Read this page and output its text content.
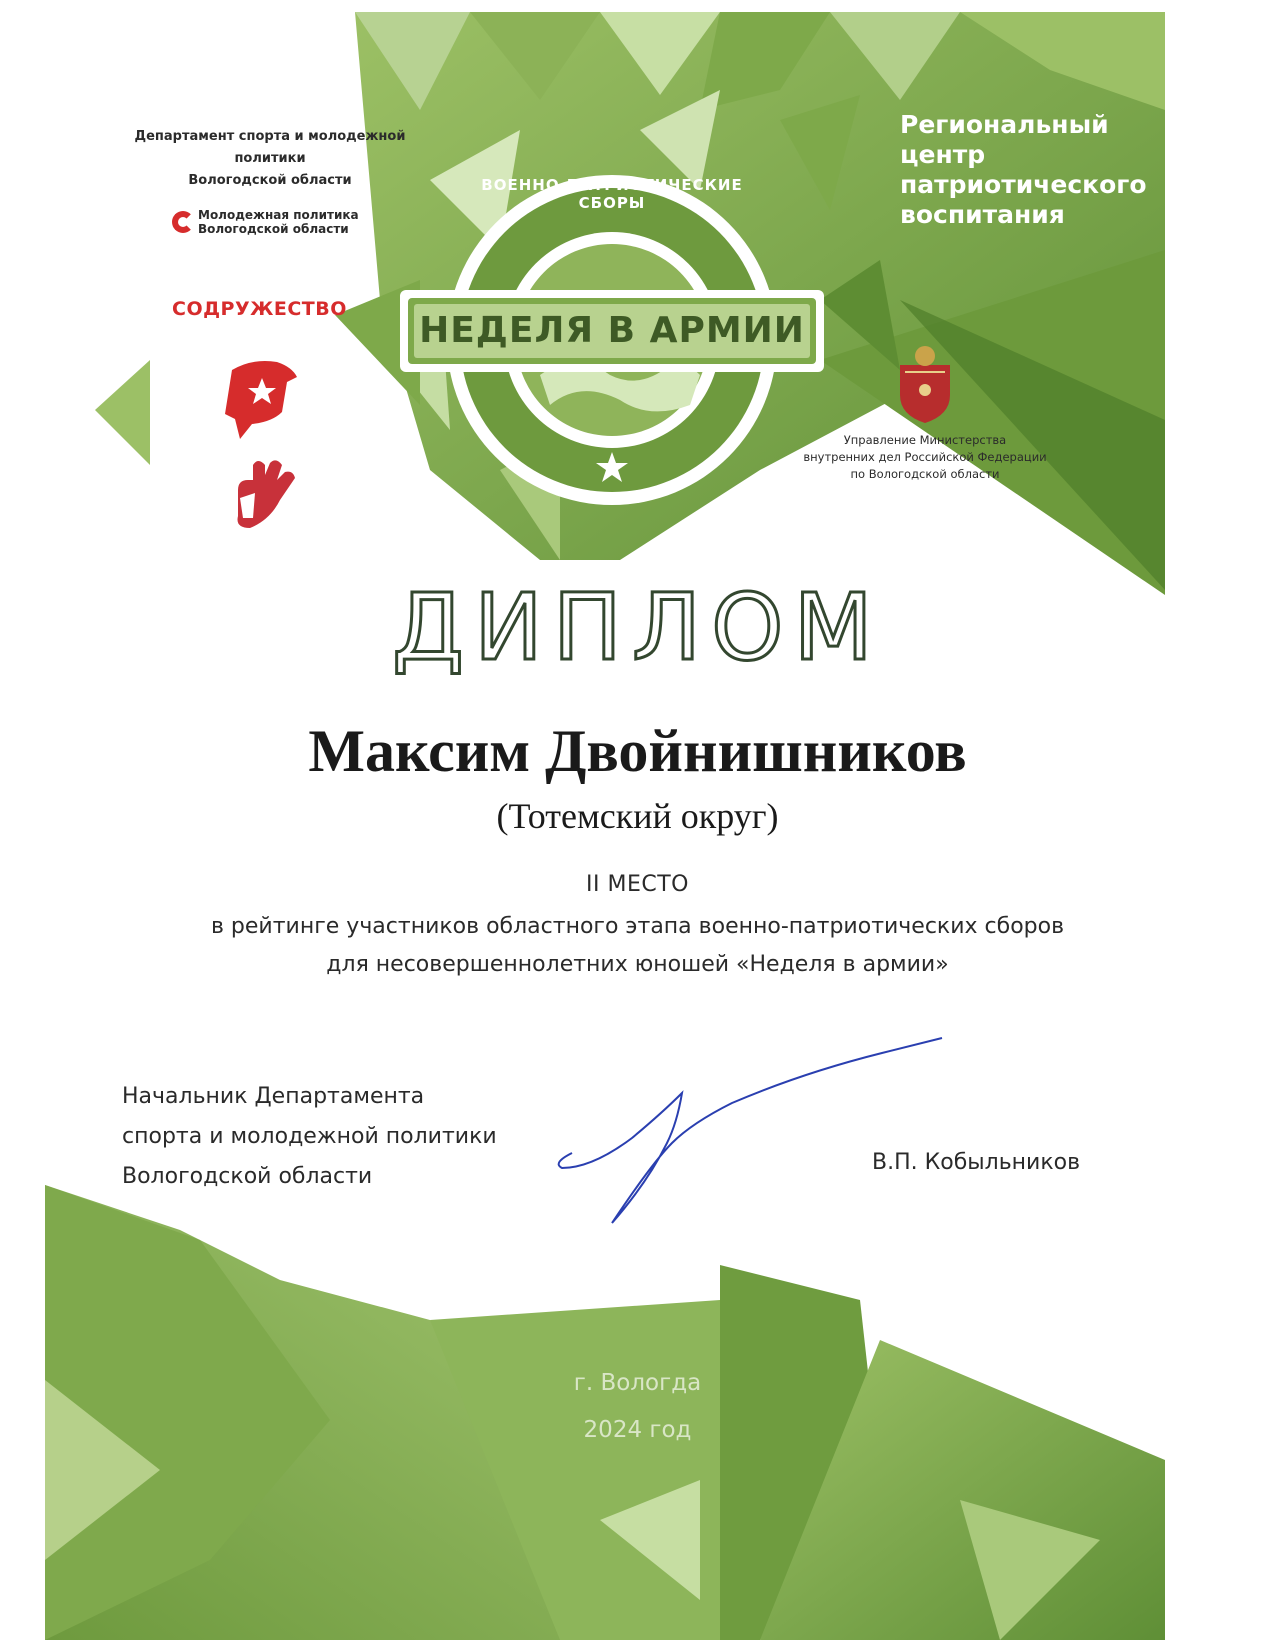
Департамент спорта и молодежной политики
Вологодской области
Молодежная политика
Вологодской области
СОДРУЖЕСТВО
ВОЕННО-ПАТРИОТИЧЕСКИЕ СБОРЫ
НЕДЕЛЯ В АРМИИ
Региональный
центр
патриотического
воспитания
Управление Министерства
внутренних дел Российской Федерации
по Вологодской области
ДИПЛОМ
Максим Двойнишников
(Тотемский округ)
II МЕСТО
в рейтинге участников областного этапа военно-патриотических сборов
для несовершеннолетних юношей «Неделя в армии»
Начальник Департамента
спорта и молодежной политики
Вологодской области
В.П. Кобыльников
г. Вологда
2024 год
